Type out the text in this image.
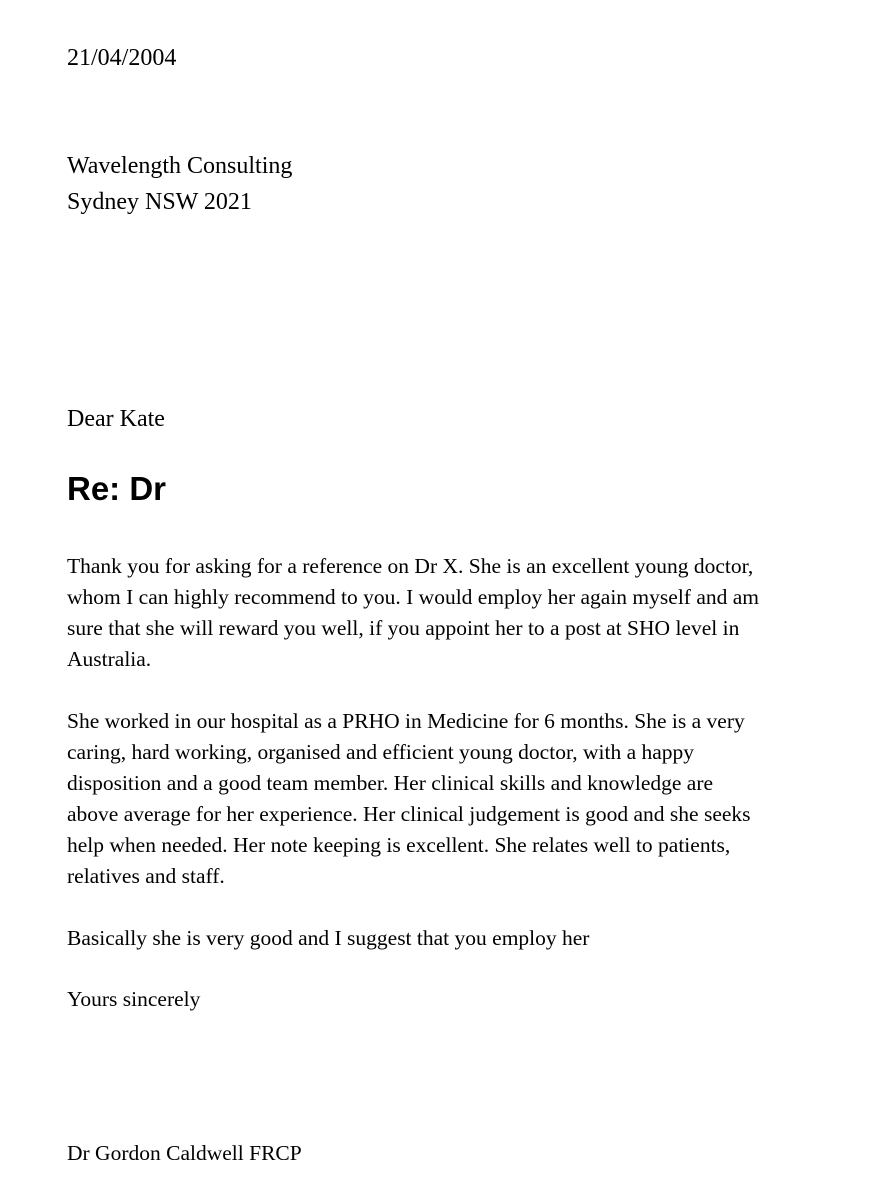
21/04/2004

Wavelength Consulting

Sydney NSW 2021

Dear Kate

Re: Dr

Thank you for asking for a reference on Dr X. She is an excellent young doctor,
whom I can highly recommend to you. I would employ her again myself and am
sure that she will reward you well, if you appoint her to a post at SHO level in
Australia.

She worked in our hospital as a PRHO in Medicine for 6 months. She is a very
caring, hard working, organised and efficient young doctor, with a happy
disposition and a good team member. Her clinical skills and knowledge are
above average for her experience. Her clinical judgement is good and she seeks
help when needed. Her note keeping is excellent. She relates well to patients,
relatives and staff.

Basically she is very good and I suggest that you employ her

Yours sincerely

Dr Gordon Caldwell FRCP
